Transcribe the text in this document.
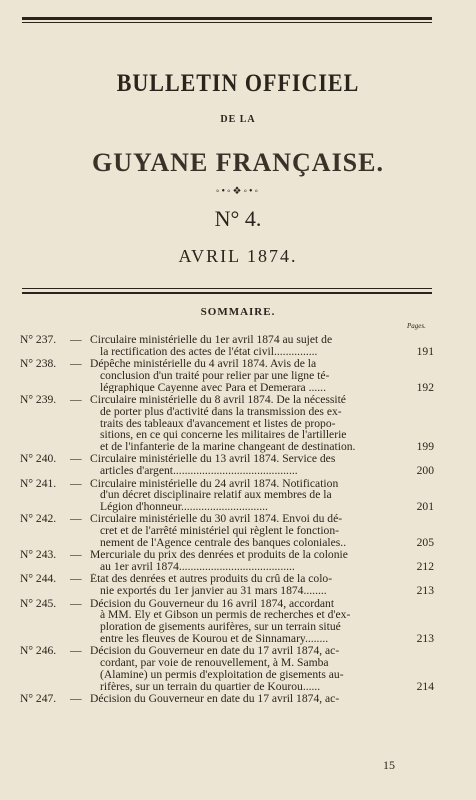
BULLETIN OFFICIEL
DE LA
GUYANE FRANÇAISE.
◦•◦❖◦•◦
N° 4.
AVRIL 1874.
SOMMAIRE.
Pages.
N° 237.	— Circulaire ministérielle du 1er avril 1874 au sujet de
la rectification des actes de l'état civil...............	191
N° 238.	— Dépêche ministérielle du 4 avril 1874. Avis de la
conclusion d'un traité pour relier par une ligne té-
légraphique Cayenne avec Para et Demerara ......	192
N° 239.	— Circulaire ministérielle du 8 avril 1874. De la nécessité
de porter plus d'activité dans la transmission des ex-
traits des tableaux d'avancement et listes de propo-
sitions, en ce qui concerne les militaires de l'artillerie
et de l'infanterie de la marine changeant de destination.	199
N° 240.	— Circulaire ministérielle du 13 avril 1874. Service des
articles d'argent...........................................	200
N° 241.	— Circulaire ministérielle du 24 avril 1874. Notification
d'un décret disciplinaire relatif aux membres de la
Légion d'honneur..............................	201
N° 242.	— Circulaire ministérielle du 30 avril 1874. Envoi du dé-
cret et de l'arrêté ministériel qui règlent le fonction-
nement de l'Agence centrale des banques coloniales..	205
N° 243.	— Mercuriale du prix des denrées et produits de la colonie
au 1er avril 1874........................................	212
N° 244.	— État des denrées et autres produits du crû de la colo-
nie exportés du 1er janvier au 31 mars 1874........	213
N° 245.	— Décision du Gouverneur du 16 avril 1874, accordant
à MM. Ely et Gibson un permis de recherches et d'ex-
ploration de gisements aurifères, sur un terrain situé
entre les fleuves de Kourou et de Sinnamary........	213
N° 246.	— Décision du Gouverneur en date du 17 avril 1874, ac-
cordant, par voie de renouvellement, à M. Samba
(Alamine) un permis d'exploitation de gisements au-
rifères, sur un terrain du quartier de Kourou......	214
N° 247.	— Décision du Gouverneur en date du 17 avril 1874, ac-
15
